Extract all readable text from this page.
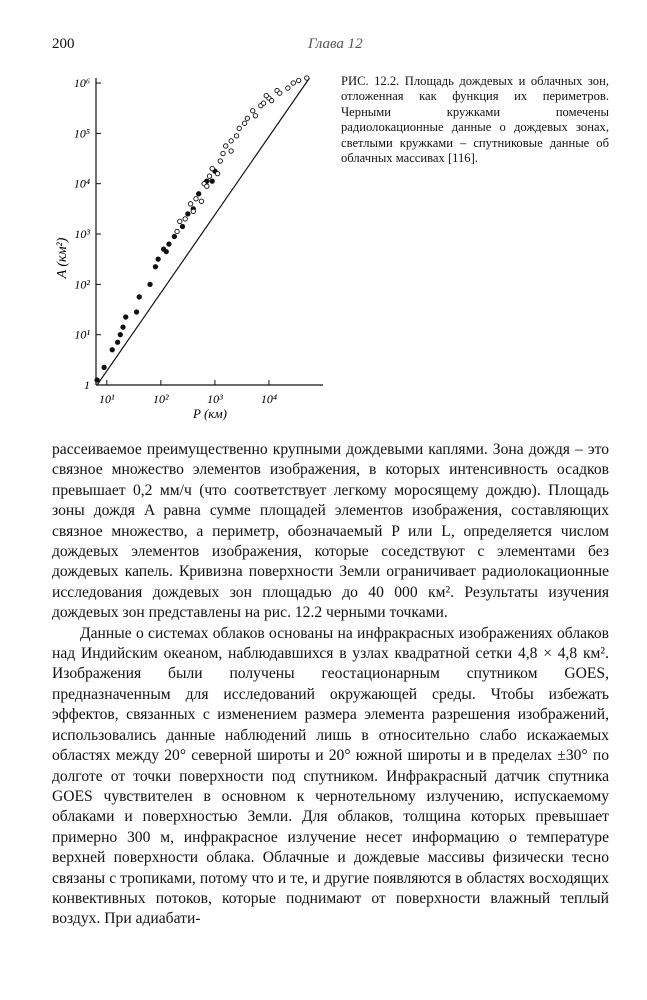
200	Глава 12
10¹	10²	10³	10⁴
1
10¹
10²
10³
10⁴
10⁵
10⁶
A (км²)
P (км)
РИС. 12.2. Площадь дождевых и облачных зон, отложенная как функция их периметров. Черными кружками помечены радиолокационные данные о дождевых зонах, светлыми кружками – спутниковые данные об облачных массивах [116].

рассеиваемое преимущественно крупными дождевыми каплями. Зона дождя – это связное множество элементов изображения, в которых интенсивность осадков превышает 0,2 мм/ч (что соответствует легкому моросящему дождю). Площадь зоны дождя A равна сумме площадей элементов изображения, составляющих связное множество, а периметр, обозначаемый P или L, определяется числом дождевых элементов изображения, которые соседствуют с элементами без дождевых капель. Кривизна поверхности Земли ограничивает радиолокационные исследования дождевых зон площадью до 40 000 км². Результаты изучения дождевых зон представлены на рис. 12.2 черными точками.

Данные о системах облаков основаны на инфракрасных изображениях облаков над Индийским океаном, наблюдавшихся в узлах квадратной сетки 4,8 × 4,8 км². Изображения были получены геостационарным спутником GOES, предназначенным для исследований окружающей среды. Чтобы избежать эффектов, связанных с изменением размера элемента разрешения изображений, использовались данные наблюдений лишь в относительно слабо искажаемых областях между 20° северной широты и 20° южной широты и в пределах ±30° по долготе от точки поверхности под спутником. Инфракрасный датчик спутника GOES чувствителен в основном к чернотельному излучению, испускаемому облаками и поверхностью Земли. Для облаков, толщина которых превышает примерно 300 м, инфракрасное излучение несет информацию о температуре верхней поверхности облака. Облачные и дождевые массивы физически тесно связаны с тропиками, потому что и те, и другие появляются в областях восходящих конвективных потоков, которые поднимают от поверхности влажный теплый воздух. При адиабати-
